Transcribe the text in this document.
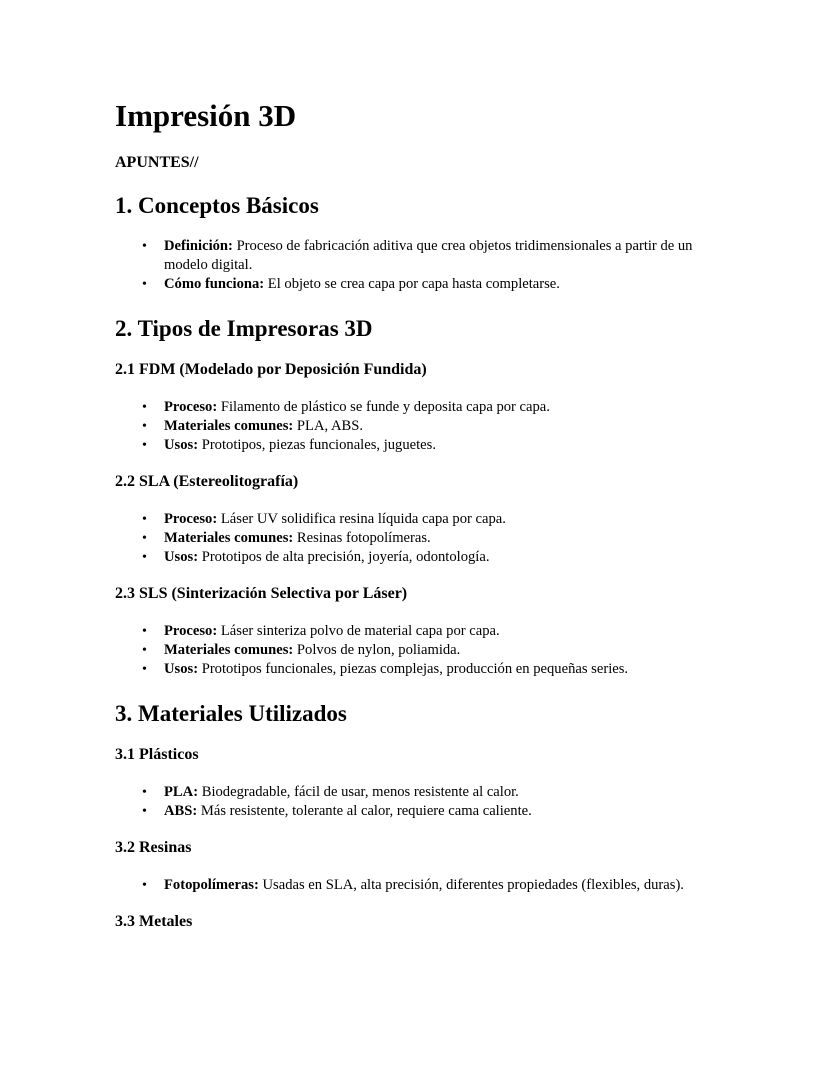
Impresión 3D
APUNTES//
1. Conceptos Básicos
• Definición: Proceso de fabricación aditiva que crea objetos tridimensionales a partir de un modelo digital.
• Cómo funciona: El objeto se crea capa por capa hasta completarse.
2. Tipos de Impresoras 3D
2.1 FDM (Modelado por Deposición Fundida)
• Proceso: Filamento de plástico se funde y deposita capa por capa.
• Materiales comunes: PLA, ABS.
• Usos: Prototipos, piezas funcionales, juguetes.
2.2 SLA (Estereolitografía)
• Proceso: Láser UV solidifica resina líquida capa por capa.
• Materiales comunes: Resinas fotopolímeras.
• Usos: Prototipos de alta precisión, joyería, odontología.
2.3 SLS (Sinterización Selectiva por Láser)
• Proceso: Láser sinteriza polvo de material capa por capa.
• Materiales comunes: Polvos de nylon, poliamida.
• Usos: Prototipos funcionales, piezas complejas, producción en pequeñas series.
3. Materiales Utilizados
3.1 Plásticos
• PLA: Biodegradable, fácil de usar, menos resistente al calor.
• ABS: Más resistente, tolerante al calor, requiere cama caliente.
3.2 Resinas
• Fotopolímeras: Usadas en SLA, alta precisión, diferentes propiedades (flexibles, duras).
3.3 Metales
